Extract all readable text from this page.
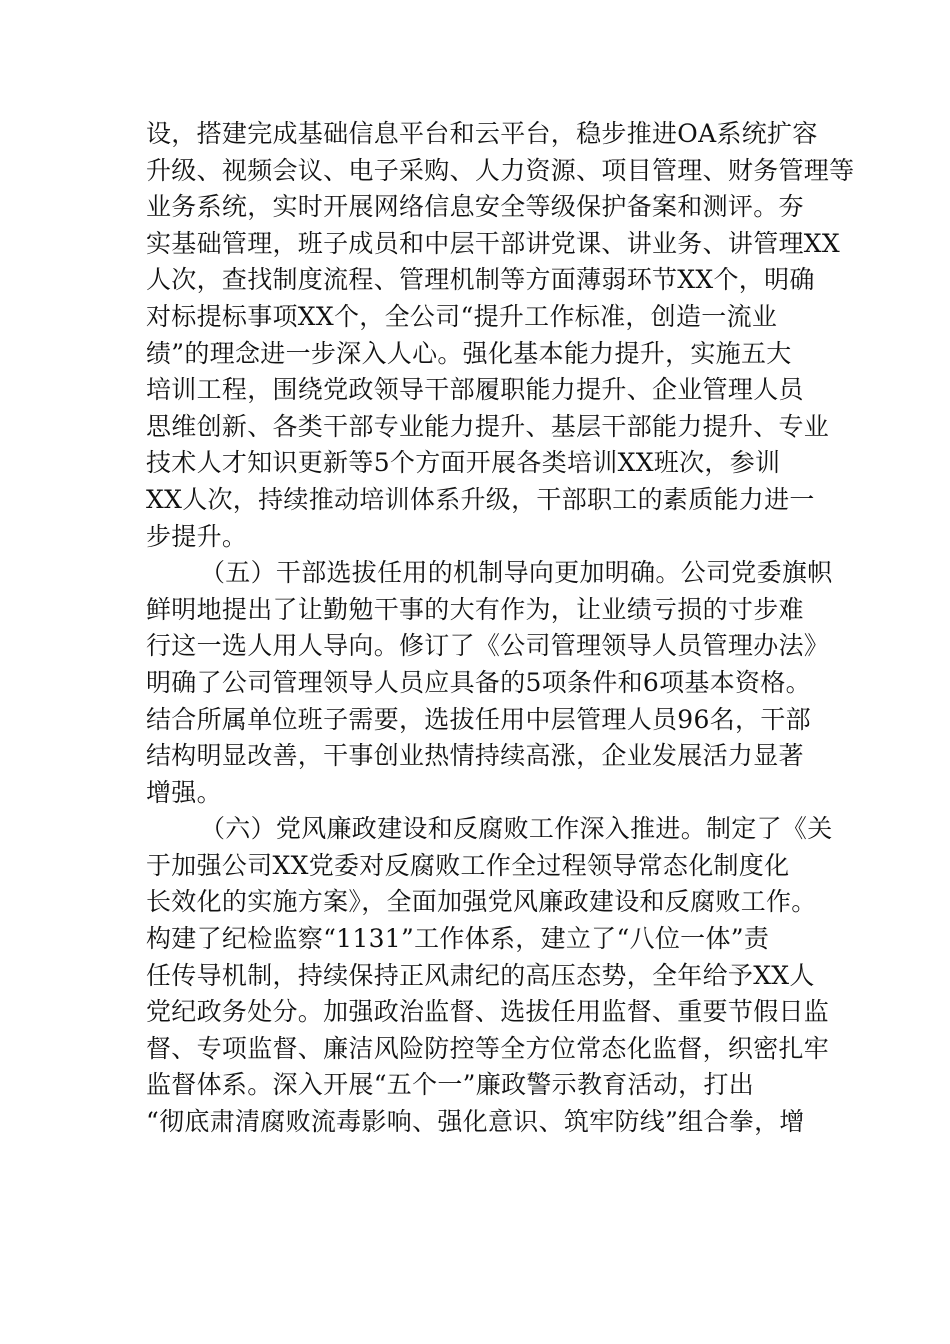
设，搭建完成基础信息平台和云平台，稳步推进OA系统扩容
升级、视频会议、电子采购、人力资源、项目管理、财务管理等
业务系统，实时开展网络信息安全等级保护备案和测评。夯
实基础管理，班子成员和中层干部讲党课、讲业务、讲管理XX
人次，查找制度流程、管理机制等方面薄弱环节XX个，明确
对标提标事项XX个，全公司“提升工作标准，创造一流业
绩”的理念进一步深入人心。强化基本能力提升，实施五大
培训工程，围绕党政领导干部履职能力提升、企业管理人员
思维创新、各类干部专业能力提升、基层干部能力提升、专业
技术人才知识更新等5个方面开展各类培训XX班次，参训
XX人次，持续推动培训体系升级，干部职工的素质能力进一
步提升。
（五）干部选拔任用的机制导向更加明确。公司党委旗帜
鲜明地提出了让勤勉干事的大有作为，让业绩亏损的寸步难
行这一选人用人导向。修订了《公司管理领导人员管理办法》
明确了公司管理领导人员应具备的5项条件和6项基本资格。
结合所属单位班子需要，选拔任用中层管理人员96名，干部
结构明显改善，干事创业热情持续高涨，企业发展活力显著
增强。
（六）党风廉政建设和反腐败工作深入推进。制定了《关
于加强公司XX党委对反腐败工作全过程领导常态化制度化
长效化的实施方案》，全面加强党风廉政建设和反腐败工作。
构建了纪检监察“1131”工作体系，建立了“八位一体”责
任传导机制，持续保持正风肃纪的高压态势，全年给予XX人
党纪政务处分。加强政治监督、选拔任用监督、重要节假日监
督、专项监督、廉洁风险防控等全方位常态化监督，织密扎牢
监督体系。深入开展“五个一”廉政警示教育活动，打出
“彻底肃清腐败流毒影响、强化意识、筑牢防线”组合拳，增
